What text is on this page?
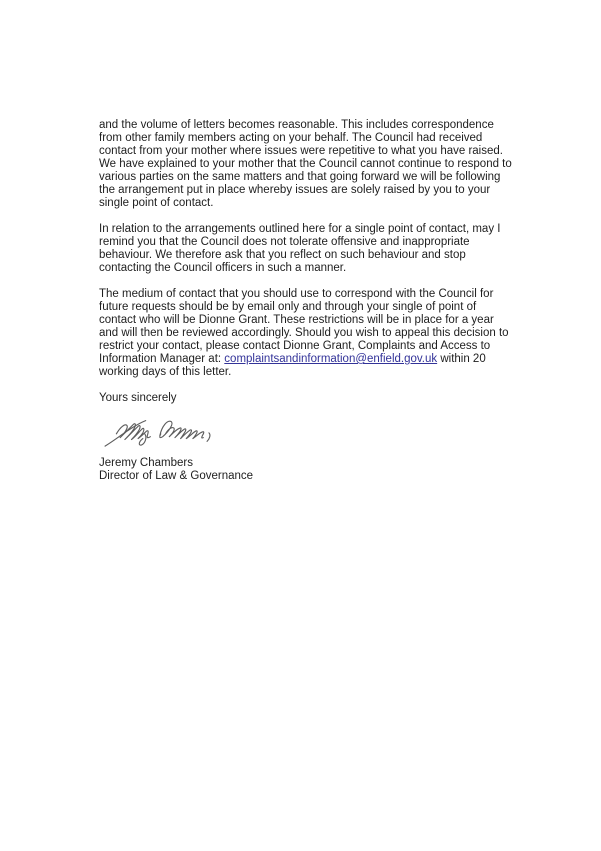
and the volume of letters becomes reasonable. This includes correspondence from other family members acting on your behalf. The Council had received contact from your mother where issues were repetitive to what you have raised. We have explained to your mother that the Council cannot continue to respond to various parties on the same matters and that going forward we will be following the arrangement put in place whereby issues are solely raised by you to your single point of contact.

In relation to the arrangements outlined here for a single point of contact, may I remind you that the Council does not tolerate offensive and inappropriate behaviour. We therefore ask that you reflect on such behaviour and stop contacting the Council officers in such a manner.

The medium of contact that you should use to correspond with the Council for future requests should be by email only and through your single of point of contact who will be Dionne Grant. These restrictions will be in place for a year and will then be reviewed accordingly. Should you wish to appeal this decision to restrict your contact, please contact Dionne Grant, Complaints and Access to Information Manager at: complaintsandinformation@enfield.gov.uk within 20 working days of this letter.

Yours sincerely

Jeremy Chambers
Director of Law & Governance
